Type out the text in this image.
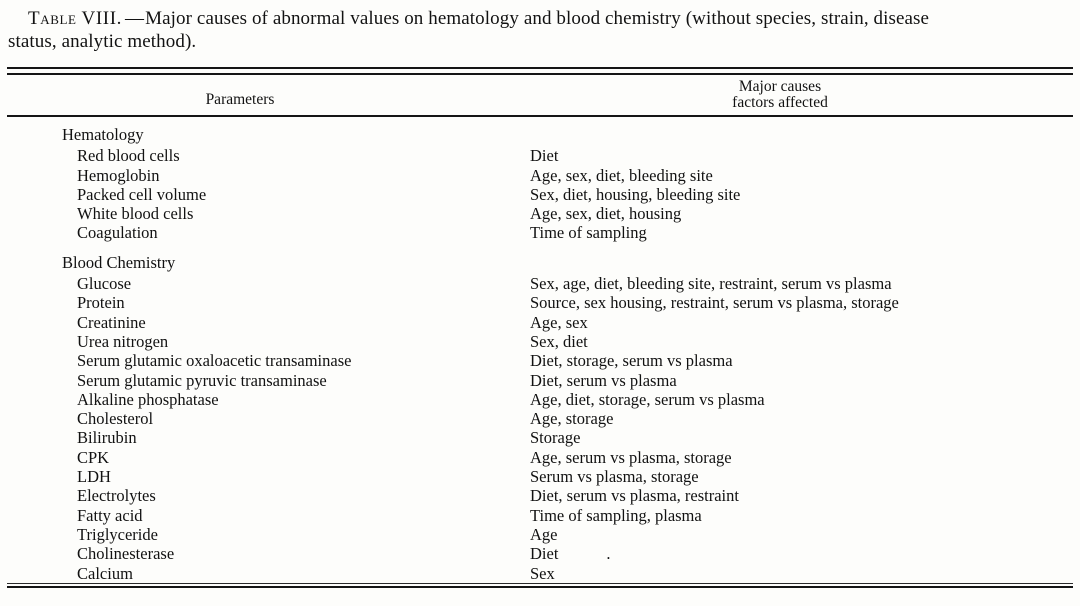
Table VIII. —Major causes of abnormal values on hematology and blood chemistry (without species, strain, disease
status, analytic method).

Parameters
Major causes
factors affected
Hematology
Red blood cells	Diet
Hemoglobin	Age, sex, diet, bleeding site
Packed cell volume	Sex, diet, housing, bleeding site
White blood cells	Age, sex, diet, housing
Coagulation	Time of sampling
Blood Chemistry
Glucose	Sex, age, diet, bleeding site, restraint, serum vs plasma
Protein	Source, sex housing, restraint, serum vs plasma, storage
Creatinine	Age, sex
Urea nitrogen	Sex, diet
Serum glutamic oxaloacetic transaminase	Diet, storage, serum vs plasma
Serum glutamic pyruvic transaminase	Diet, serum vs plasma
Alkaline phosphatase	Age, diet, storage, serum vs plasma
Cholesterol	Age, storage
Bilirubin	Storage
CPK	Age, serum vs plasma, storage
LDH	Serum vs plasma, storage
Electrolytes	Diet, serum vs plasma, restraint
Fatty acid	Time of sampling, plasma
Triglyceride	Age
Cholinesterase	Diet	.
Calcium	Sex
